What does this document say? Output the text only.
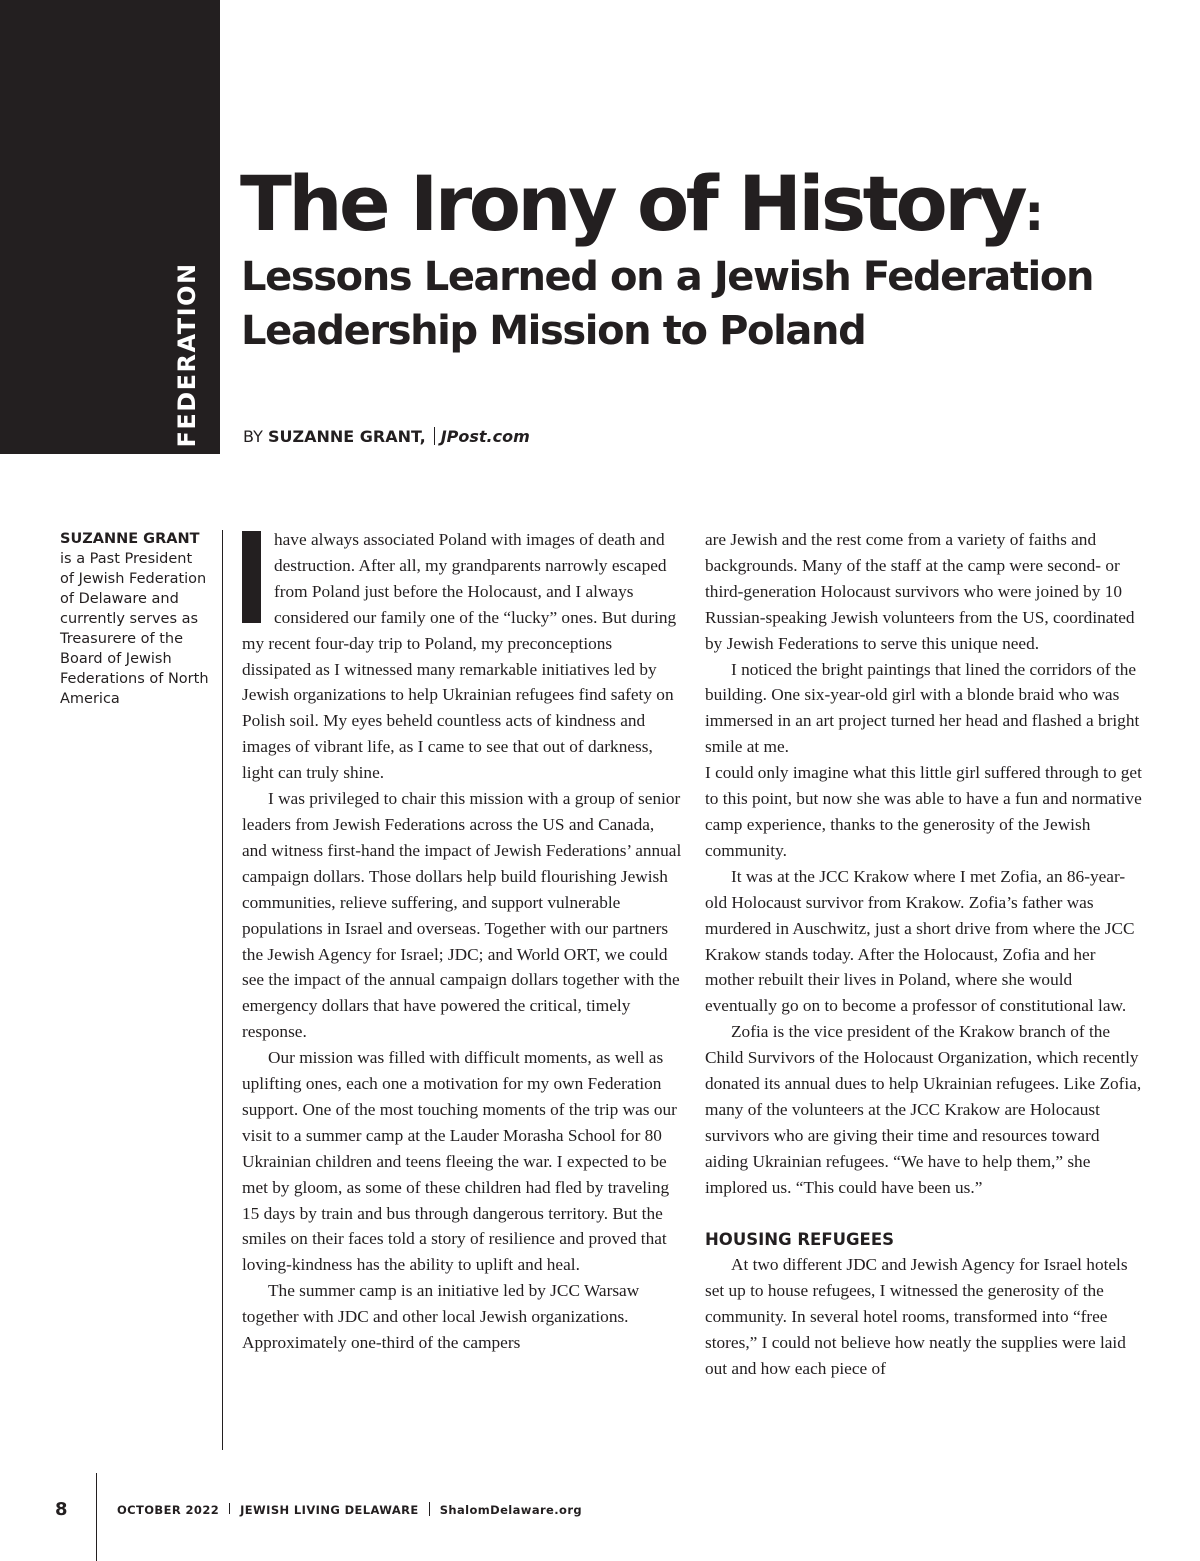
FEDERATION
The Irony of History:
Lessons Learned on a Jewish Federation Leadership Mission to Poland
BY SUZANNE GRANT, JPost.com
SUZANNE GRANT is a Past President of Jewish Federation of Delaware and currently serves as Treasurere of the Board of Jewish Federations of North America

have always associated Poland with images of death and destruction. After all, my grandparents narrowly escaped from Poland just before the Holocaust, and I always considered our family one of the “lucky” ones. But during my recent four-day trip to Poland, my preconceptions dissipated as I witnessed many remarkable initiatives led by Jewish organizations to help Ukrainian refugees find safety on Polish soil. My eyes beheld countless acts of kindness and images of vibrant life, as I came to see that out of darkness, light can truly shine.

I was privileged to chair this mission with a group of senior leaders from Jewish Federations across the US and Canada, and witness first-hand the impact of Jewish Federations’ annual campaign dollars. Those dollars help build flourishing Jewish communities, relieve suffering, and support vulnerable populations in Israel and overseas. Together with our partners the Jewish Agency for Israel; JDC; and World ORT, we could see the impact of the annual campaign dollars together with the emergency dollars that have powered the critical, timely response.

Our mission was filled with difficult moments, as well as uplifting ones, each one a motivation for my own Federation support. One of the most touching moments of the trip was our visit to a summer camp at the Lauder Morasha School for 80 Ukrainian children and teens fleeing the war. I expected to be met by gloom, as some of these children had fled by traveling 15 days by train and bus through dangerous territory. But the smiles on their faces told a story of resilience and proved that loving-kindness has the ability to uplift and heal.

The summer camp is an initiative led by JCC Warsaw together with JDC and other local Jewish organizations. Approximately one-third of the campers

are Jewish and the rest come from a variety of faiths and backgrounds. Many of the staff at the camp were second- or third-generation Holocaust survivors who were joined by 10 Russian-speaking Jewish volunteers from the US, coordinated by Jewish Federations to serve this unique need.

I noticed the bright paintings that lined the corridors of the building. One six-year-old girl with a blonde braid who was immersed in an art project turned her head and flashed a bright smile at me.

I could only imagine what this little girl suffered through to get to this point, but now she was able to have a fun and normative camp experience, thanks to the generosity of the Jewish community.

It was at the JCC Krakow where I met Zofia, an 86-year-old Holocaust survivor from Krakow. Zofia’s father was murdered in Auschwitz, just a short drive from where the JCC Krakow stands today. After the Holocaust, Zofia and her mother rebuilt their lives in Poland, where she would eventually go on to become a professor of constitutional law.

Zofia is the vice president of the Krakow branch of the Child Survivors of the Holocaust Organization, which recently donated its annual dues to help Ukrainian refugees. Like Zofia, many of the volunteers at the JCC Krakow are Holocaust survivors who are giving their time and resources toward aiding Ukrainian refugees. “We have to help them,” she implored us. “This could have been us.”

HOUSING REFUGEES

At two different JDC and Jewish Agency for Israel hotels set up to house refugees, I witnessed the generosity of the community. In several hotel rooms, transformed into “free stores,” I could not believe how neatly the supplies were laid out and how each piece of

8	OCTOBER 2022 JEWISH LIVING DELAWARE ShalomDelaware.org
